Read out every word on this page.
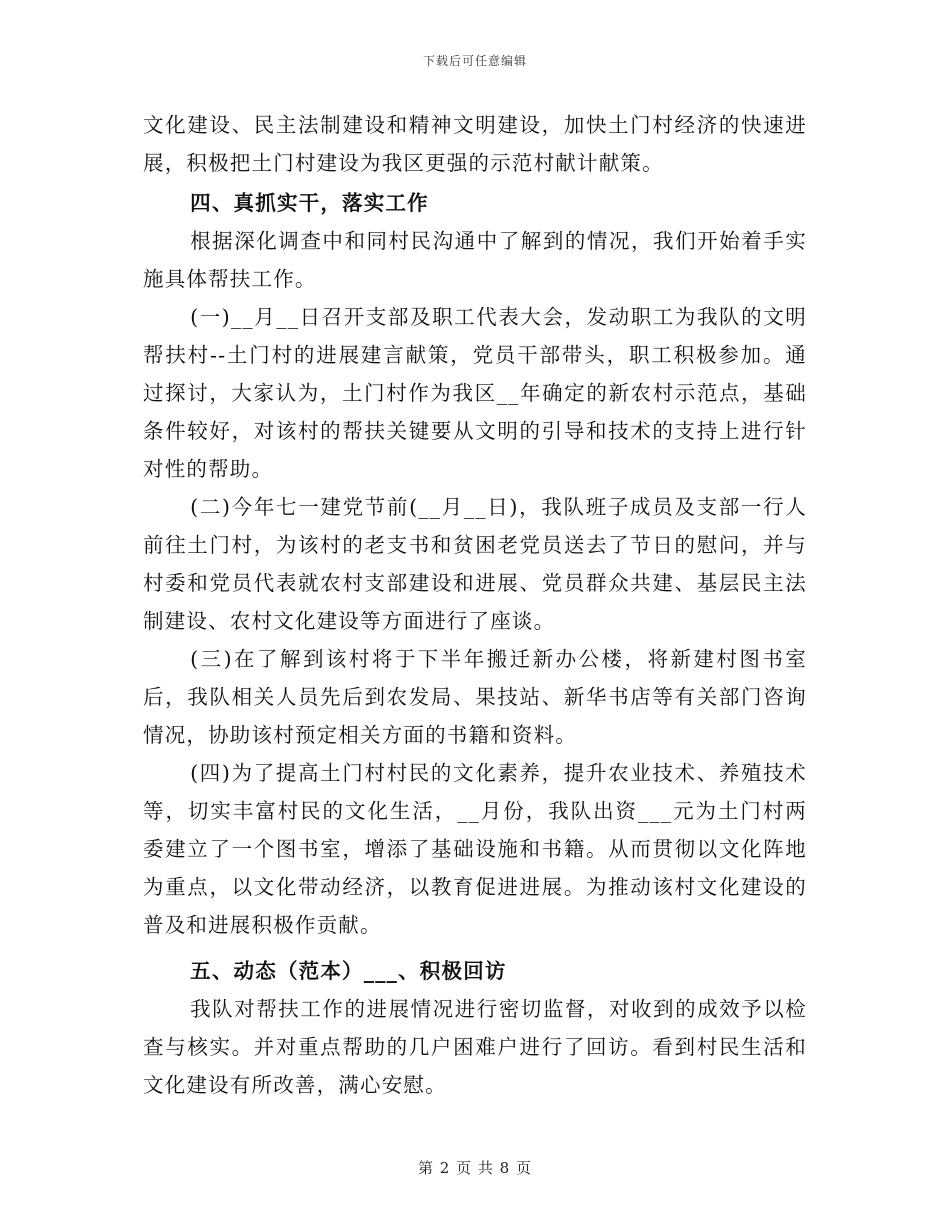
下载后可任意编辑

文化建设、民主法制建设和精神文明建设，加快土门村经济的快速进展，积极把土门村建设为我区更强的示范村献计献策。

四、真抓实干，落实工作

根据深化调查中和同村民沟通中了解到的情况，我们开始着手实施具体帮扶工作。

(一)__月__日召开支部及职工代表大会，发动职工为我队的文明帮扶村--土门村的进展建言献策，党员干部带头，职工积极参加。通过探讨，大家认为，土门村作为我区__年确定的新农村示范点，基础条件较好，对该村的帮扶关键要从文明的引导和技术的支持上进行针对性的帮助。

(二)今年七一建党节前(__月__日)，我队班子成员及支部一行人前往土门村，为该村的老支书和贫困老党员送去了节日的慰问，并与村委和党员代表就农村支部建设和进展、党员群众共建、基层民主法制建设、农村文化建设等方面进行了座谈。

(三)在了解到该村将于下半年搬迁新办公楼，将新建村图书室后，我队相关人员先后到农发局、果技站、新华书店等有关部门咨询情况，协助该村预定相关方面的书籍和资料。

(四)为了提高土门村村民的文化素养，提升农业技术、养殖技术等，切实丰富村民的文化生活，__月份，我队出资___元为土门村两委建立了一个图书室，增添了基础设施和书籍。从而贯彻以文化阵地为重点，以文化带动经济，以教育促进进展。为推动该村文化建设的普及和进展积极作贡献。

五、动态（范本）___、积极回访

我队对帮扶工作的进展情况进行密切监督，对收到的成效予以检查与核实。并对重点帮助的几户困难户进行了回访。看到村民生活和文化建设有所改善，满心安慰。

第 2 页 共 8 页
